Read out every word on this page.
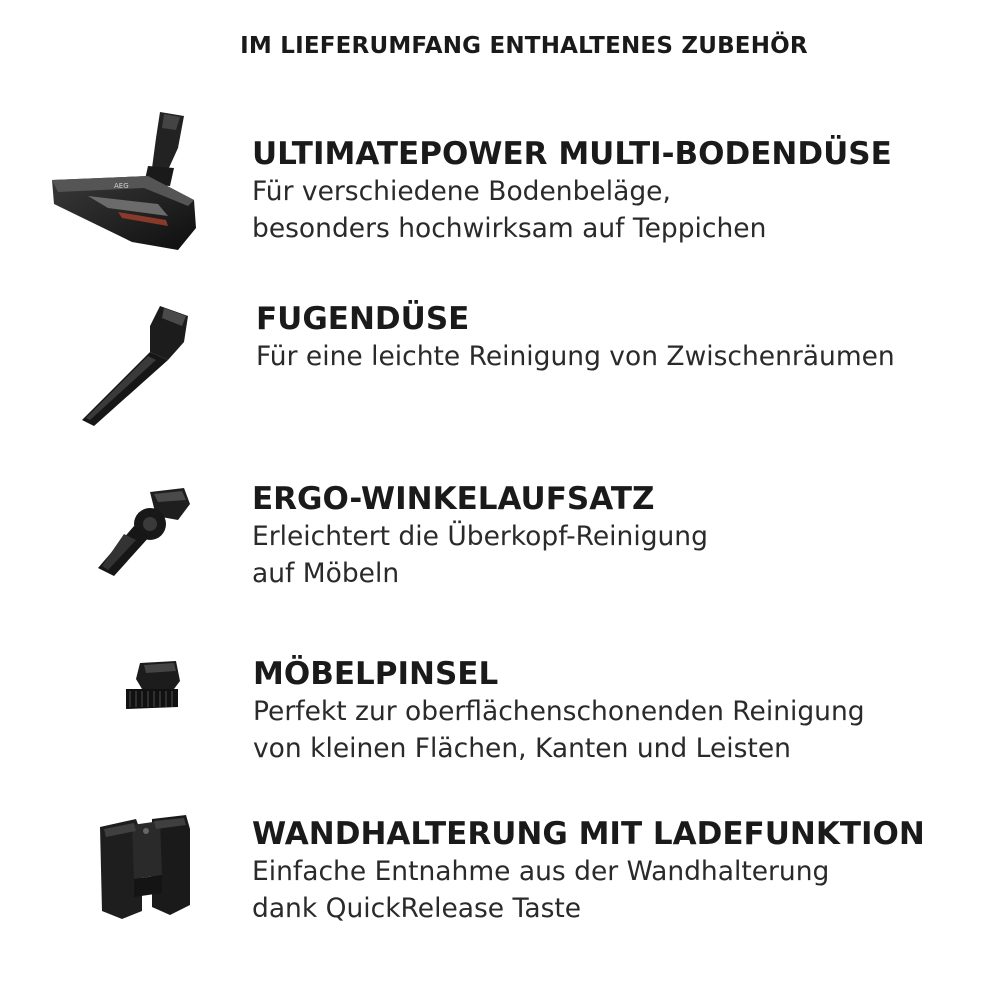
IM LIEFERUMFANG ENTHALTENES ZUBEHÖR
AEG
ULTIMATEPOWER MULTI-BODENDÜSE
Für verschiedene Bodenbeläge,
besonders hochwirksam auf Teppichen
FUGENDÜSE
Für eine leichte Reinigung von Zwischenräumen
ERGO-WINKELAUFSATZ
Erleichtert die Überkopf-Reinigung
auf Möbeln
MÖBELPINSEL
Perfekt zur oberflächenschonenden Reinigung
von kleinen Flächen, Kanten und Leisten
WANDHALTERUNG MIT LADEFUNKTION
Einfache Entnahme aus der Wandhalterung
dank QuickRelease Taste
